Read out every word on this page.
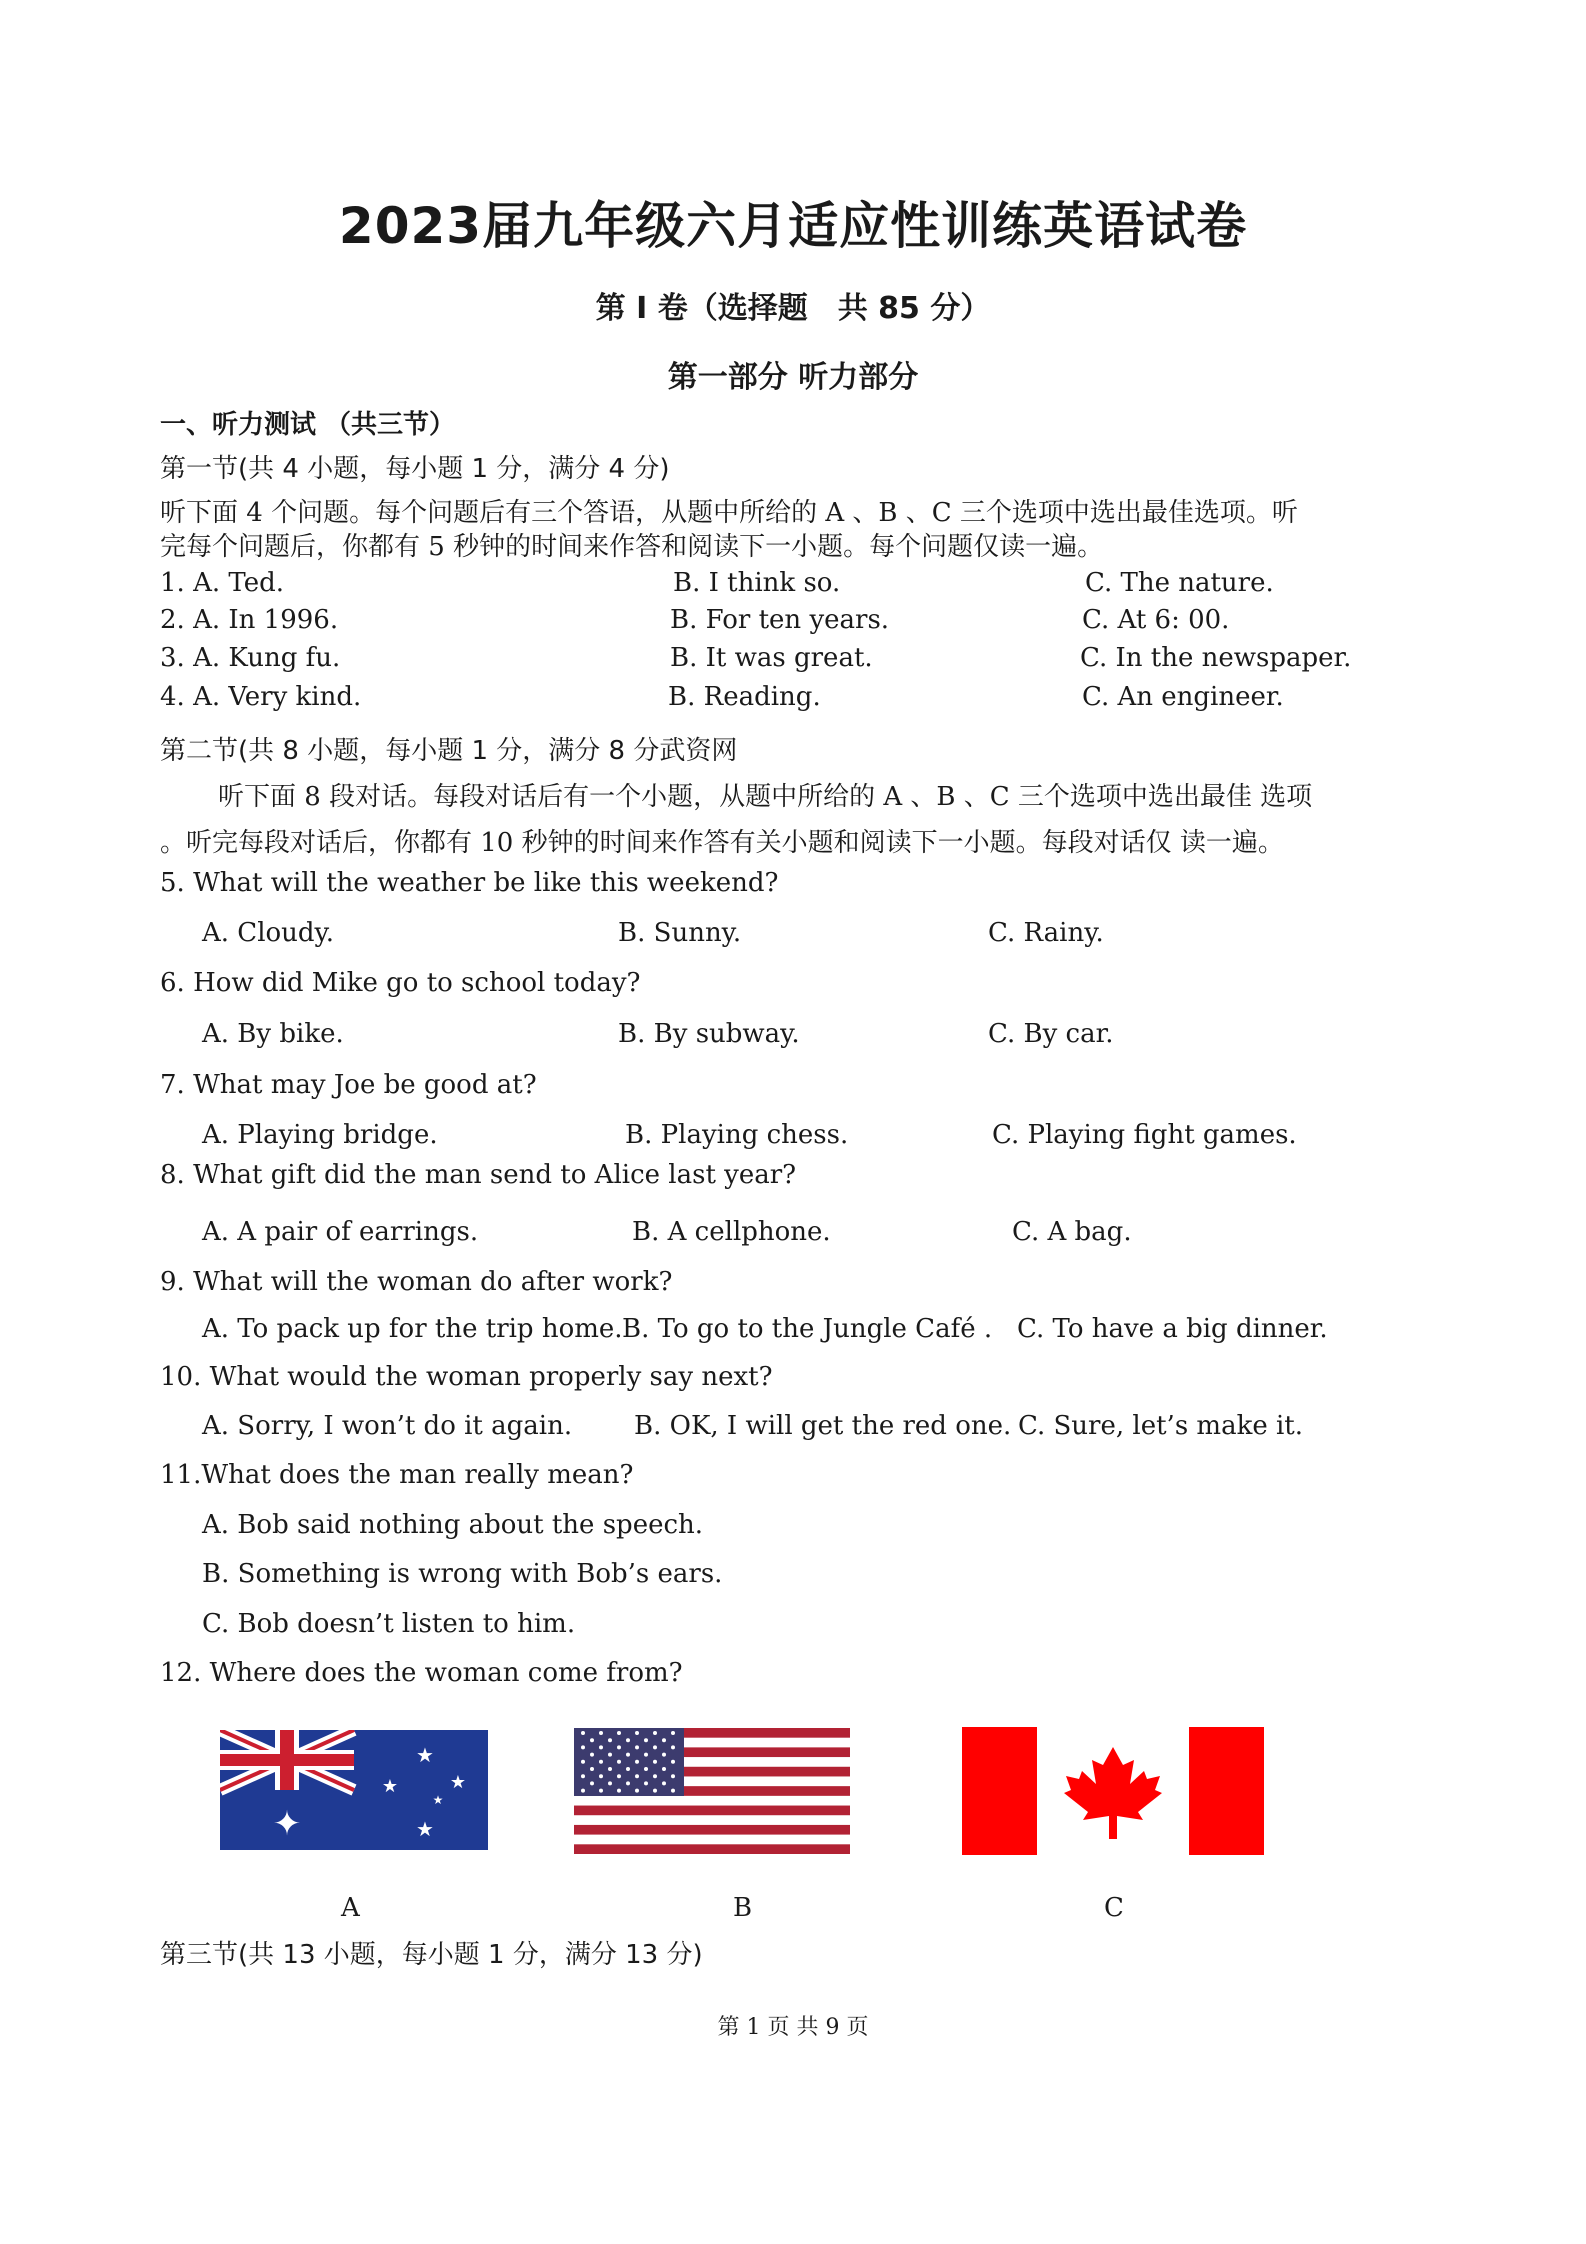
2023届九年级六月适应性训练英语试卷
第 I 卷（选择题　共 85 分）
第一部分 听力部分
一、听力测试 （共三节）
第一节(共 4 小题，每小题 1 分，满分 4 分)
听下面 4 个问题。每个问题后有三个答语，从题中所给的 A 、B 、C 三个选项中选出最佳选项。听
完每个问题后，你都有 5 秒钟的时间来作答和阅读下一小题。每个问题仅读一遍。
1. A. Ted.	B. I think so.	C. The nature.
2. A. In 1996.	B. For ten years.	C. At 6: 00.
3. A. Kung fu.	B. It was great.	C. In the newspaper.
4. A. Very kind.	B. Reading.	C. An engineer.
第二节(共 8 小题，每小题 1 分，满分 8 分武资网
听下面 8 段对话。每段对话后有一个小题，从题中所给的 A 、B 、C 三个选项中选出最佳 选项
。听完每段对话后，你都有 10 秒钟的时间来作答有关小题和阅读下一小题。每段对话仅 读一遍。
5. What will the weather be like this weekend?
A. Cloudy.	B. Sunny.	C. Rainy.
6. How did Mike go to school today?
A. By bike.	B. By subway.	C. By car.
7. What may Joe be good at?
A. Playing bridge.	B. Playing chess.	C. Playing fight games.
8. What gift did the man send to Alice last year?
A. A pair of earrings.	B. A cellphone.	C. A bag.
9. What will the woman do after work?
A. To pack up for the trip home. B. To go to the Jungle Café . C. To have a big dinner.
10. What would the woman properly say next?
A. Sorry, I won’t do it again. B. OK, I will get the red one. C. Sure, let’s make it.
11.What does the man really mean?
A. Bob said nothing about the speech.
B. Something is wrong with Bob’s ears.
C. Bob doesn’t listen to him.
12. Where does the woman come from?
✦
★
★	★
★
★
A	B	C
第三节(共 13 小题，每小题 1 分，满分 13 分)
第 1 页 共 9 页
